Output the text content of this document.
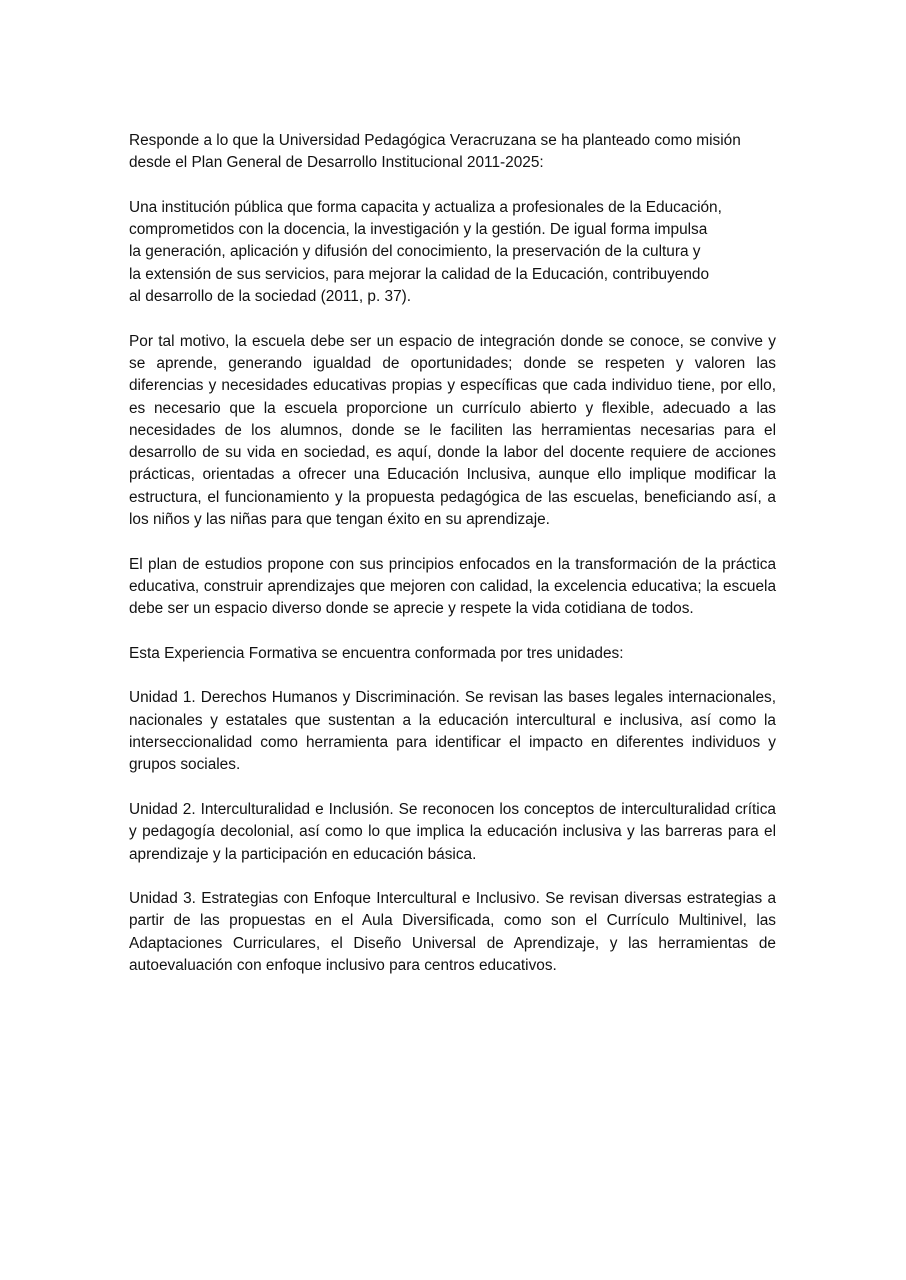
Responde a lo que la Universidad Pedagógica Veracruzana se ha planteado como misión
desde el Plan General de Desarrollo Institucional 2011-2025:

Una institución pública que forma capacita y actualiza a profesionales de la Educación,
comprometidos con la docencia, la investigación y la gestión. De igual forma impulsa
la generación, aplicación y difusión del conocimiento, la preservación de la cultura y
la extensión de sus servicios, para mejorar la calidad de la Educación, contribuyendo
al desarrollo de la sociedad (2011, p. 37).

Por tal motivo, la escuela debe ser un espacio de integración donde se conoce, se convive y se aprende, generando igualdad de oportunidades; donde se respeten y valoren las diferencias y necesidades educativas propias y específicas que cada individuo tiene, por ello, es necesario que la escuela proporcione un currículo abierto y flexible, adecuado a las necesidades de los alumnos, donde se le faciliten las herramientas necesarias para el desarrollo de su vida en sociedad, es aquí, donde la labor del docente requiere de acciones prácticas, orientadas a ofrecer una Educación Inclusiva, aunque ello implique modificar la estructura, el funcionamiento y la propuesta pedagógica de las escuelas, beneficiando así, a los niños y las niñas para que tengan éxito en su aprendizaje.

El plan de estudios propone con sus principios enfocados en la transformación de la práctica educativa, construir aprendizajes que mejoren con calidad, la excelencia educativa; la escuela debe ser un espacio diverso donde se aprecie y respete la vida cotidiana de todos.

Esta Experiencia Formativa se encuentra conformada por tres unidades:

Unidad 1. Derechos Humanos y Discriminación. Se revisan las bases legales internacionales, nacionales y estatales que sustentan a la educación intercultural e inclusiva, así como la interseccionalidad como herramienta para identificar el impacto en diferentes individuos y grupos sociales.

Unidad 2. Interculturalidad e Inclusión. Se reconocen los conceptos de interculturalidad crítica y pedagogía decolonial, así como lo que implica la educación inclusiva y las barreras para el aprendizaje y la participación en educación básica.

Unidad 3. Estrategias con Enfoque Intercultural e Inclusivo. Se revisan diversas estrategias a partir de las propuestas en el Aula Diversificada, como son el Currículo Multinivel, las Adaptaciones Curriculares, el Diseño Universal de Aprendizaje, y las herramientas de autoevaluación con enfoque inclusivo para centros educativos.
